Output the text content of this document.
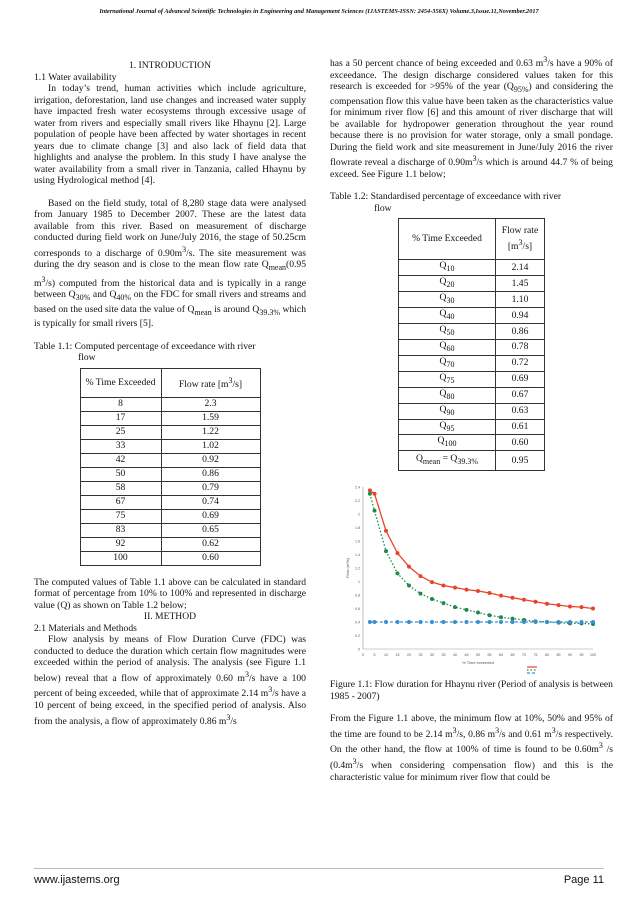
International Journal of Advanced Scientific Technologies in Engineering and Management Sciences (IJASTEMS-ISSN: 2454-356X) Volume.3,Issue.11,November.2017

1. INTRODUCTION

1.1 Water availability

In today’s trend, human activities which include agriculture, irrigation, deforestation, land use changes and increased water supply have impacted fresh water ecosystems through excessive usage of water from rivers and especially small rivers like Hhaynu [2]. Large population of people have been affected by water shortages in recent years due to climate change [3] and also lack of field data that highlights and analyse the problem. In this study I have analyse the water availability from a small river in Tanzania, called Hhaynu by using Hydrological method [4].

Based on the field study, total of 8,280 stage data were analysed from January 1985 to December 2007. These are the latest data available from this river. Based on measurement of discharge conducted during field work on June/July 2016, the stage of 50.25cm corresponds to a discharge of $0.90m^3/s$. The site measurement was during the dry season and is close to the mean flow rate $Q_{mean}(0.95$ $m^3/s$) computed from the historical data and is typically in a range between $Q_{30\%}$ and $Q_{40\%}$ on the FDC for small rivers and streams and based on the used site data the value of $Q_{mean}$ is around $Q_{39.3\%}$ which is typically for small rivers [5].

Table 1.1: Computed percentage of exceedance with river

flow

% Time Exceeded	Flow rate $[m^3/s]$
8	2.3
17	1.59
25	1.22
33	1.02
42	0.92
50	0.86
58	0.79
67	0.74
75	0.69
83	0.65
92	0.62
100	0.60

The computed values of Table 1.1 above can be calculated in standard format of percentage from 10% to 100% and represented in discharge value (Q) as shown on Table 1.2 below;

II. METHOD

2.1 Materials and Methods

Flow analysis by means of Flow Duration Curve (FDC) was conducted to deduce the duration which certain flow magnitudes were exceeded within the period of analysis. The analysis (see Figure 1.1 below) reveal that a flow of approximately 0.60 $m^3/s$ have a 100 percent of being exceeded, while that of approximate 2.14 $m^3/s$ have a 10 percent of being exceed, in the specified period of analysis. Also from the analysis, a flow of approximately 0.86 $m^3/s$

has a 50 percent chance of being exceeded and 0.63 $m^3/s$ have a 90% of exceedance. The design discharge considered values taken for this research is exceeded for >95% of the year $(Q_{95\%})$ and considering the compensation flow this value have been taken as the characteristics value for minimum river flow [6] and this amount of river discharge that will be available for hydropower generation throughout the year round because there is no provision for water storage, only a small pondage. During the field work and site measurement in June/July 2016 the river flowrate reveal a discharge of $0.90m^3/s$ which is around 44.7 % of being exceed. See Figure 1.1 below;

Table 1.2: Standardised percentage of exceedance with river

flow

% Time Exceeded	Flow rate $[m^3/s]$
$Q_{10}$	2.14
$Q_{20}$	1.45
$Q_{30}$	1.10
$Q_{40}$	0.94
$Q_{50}$	0.86
$Q_{60}$	0.78
$Q_{70}$	0.72
$Q_{75}$	0.69
$Q_{80}$	0.67
$Q_{90}$	0.63
$Q_{95}$	0.61
$Q_{100}$	0.60
$Q_{mean} = Q_{39.3\%}$	0.95
0	5 10 15 20 25 30 35 40 45 50 55 60 65 70 75 80 85 90 95 100
0
0.2
0.4
0.6
0.8
1
1.2
1.4
1.6
1.8
2
2.2
2.4
% Time exceeded
Flow (m³/s)

Figure 1.1: Flow duration for Hhaynu river (Period of analysis is between 1985 - 2007)

From the Figure 1.1 above, the minimum flow at 10%, 50% and 95% of the time are found to be 2.14 $m^3/s$, 0.86 $m^3/s$ and 0.61 $m^3/s$ respectively. On the other hand, the flow at 100% of time is found to be $0.60m^3$ /s ($0.4m^3/s$ when considering compensation flow) and this is the characteristic value for minimum river flow that could be

www.ijastems.org	Page 11
